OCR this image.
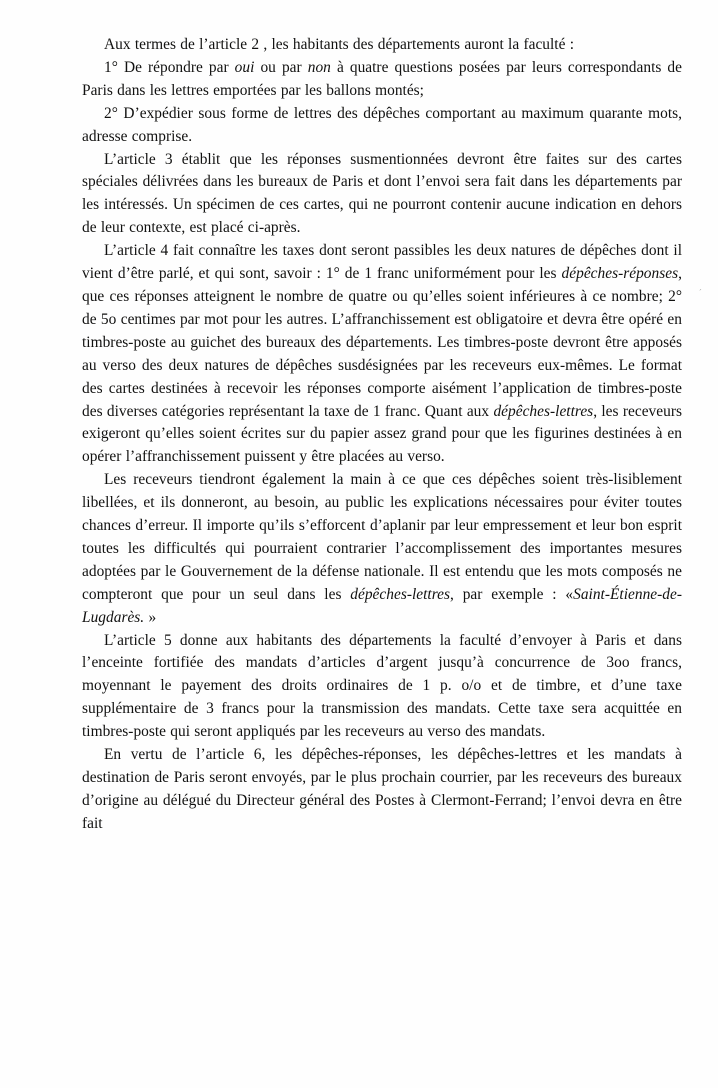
Aux termes de l’article 2 , les habitants des départements auront la faculté :

1° De répondre par oui ou par non à quatre questions posées par leurs correspondants de Paris dans les lettres emportées par les ballons montés;

2° D’expédier sous forme de lettres des dépêches comportant au maximum quarante mots, adresse comprise.

L’article 3 établit que les réponses susmentionnées devront être faites sur des cartes spéciales délivrées dans les bureaux de Paris et dont l’envoi sera fait dans les départements par les intéressés. Un spécimen de ces cartes, qui ne pourront contenir aucune indication en dehors de leur contexte, est placé ci-après.

L’article 4 fait connaître les taxes dont seront passibles les deux natures de dépêches dont il vient d’être parlé, et qui sont, savoir : 1° de 1 franc uniformément pour les dépêches-réponses, que ces réponses atteignent le nombre de quatre ou qu’elles soient inférieures à ce nombre; 2° de 5o centimes par mot pour les autres. L’affranchissement est obligatoire et devra être opéré en timbres-poste au guichet des bureaux des départements. Les timbres-poste devront être apposés au verso des deux natures de dépêches susdésignées par les receveurs eux-mêmes. Le format des cartes destinées à recevoir les réponses comporte aisément l’application de timbres-poste des diverses catégories représentant la taxe de 1 franc. Quant aux dépêches-lettres, les receveurs exigeront qu’elles soient écrites sur du papier assez grand pour que les figurines destinées à en opérer l’affranchissement puissent y être placées au verso.

Les receveurs tiendront également la main à ce que ces dépêches soient très-lisiblement libellées, et ils donneront, au besoin, au public les explications nécessaires pour éviter toutes chances d’erreur. Il importe qu’ils s’efforcent d’aplanir par leur empressement et leur bon esprit toutes les difficultés qui pourraient contrarier l’accomplissement des importantes mesures adoptées par le Gouvernement de la défense nationale. Il est entendu que les mots composés ne compteront que pour un seul dans les dépêches-lettres, par exemple : «Saint-Étienne-de-Lugdarès. »

L’article 5 donne aux habitants des départements la faculté d’envoyer à Paris et dans l’enceinte fortifiée des mandats d’articles d’argent jusqu’à concurrence de 3oo francs, moyennant le payement des droits ordinaires de 1 p. o/o et de timbre, et d’une taxe supplémentaire de 3 francs pour la transmission des mandats. Cette taxe sera acquittée en timbres-poste qui seront appliqués par les receveurs au verso des mandats.

En vertu de l’article 6, les dépêches-réponses, les dépêches-lettres et les mandats à destination de Paris seront envoyés, par le plus prochain courrier, par les receveurs des bureaux d’origine au délégué du Directeur général des Postes à Clermont-Ferrand; l’envoi devra en être fait

´
